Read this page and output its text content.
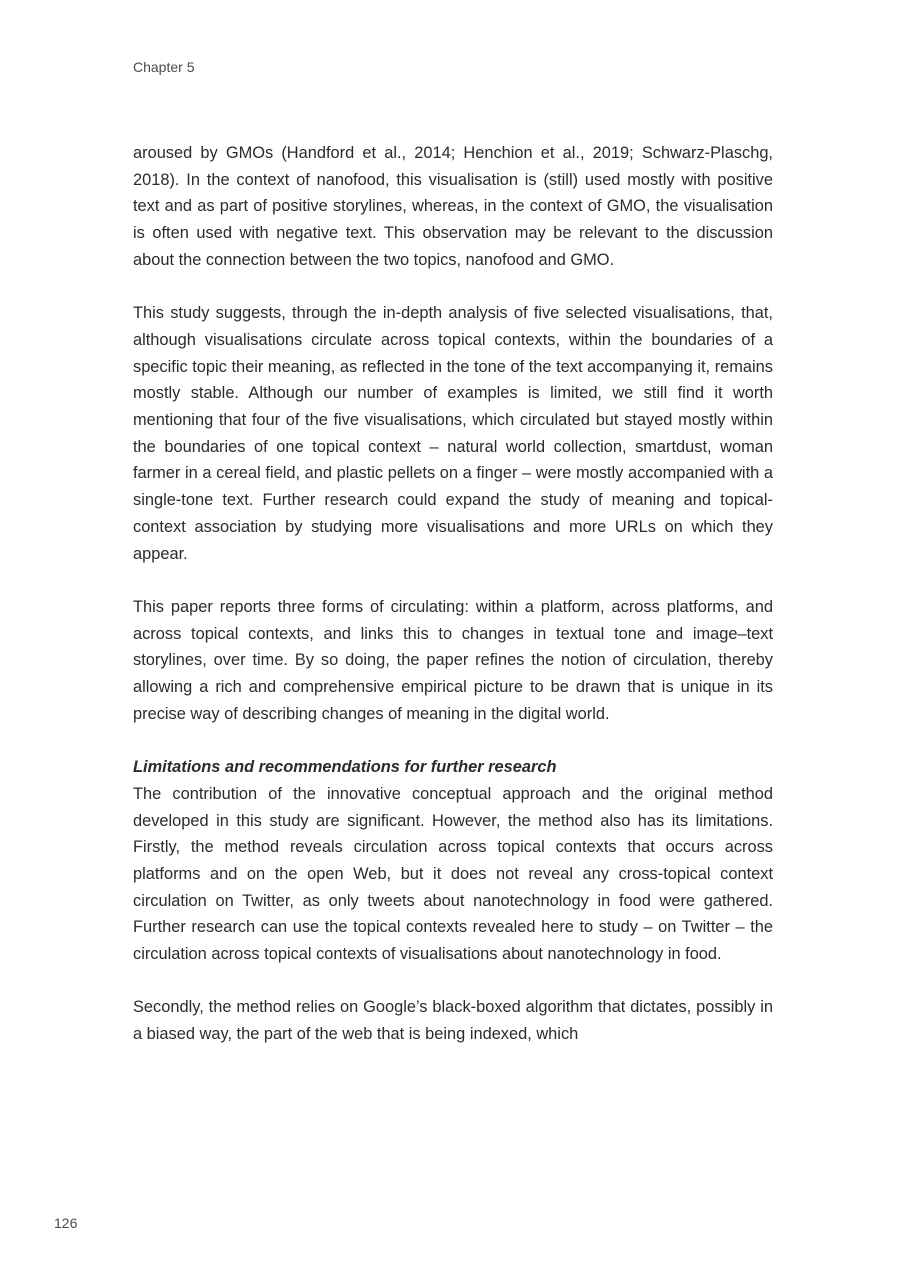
Chapter 5

aroused by GMOs (Handford et al., 2014; Henchion et al., 2019; Schwarz-Plaschg, 2018). In the context of nanofood, this visualisation is (still) used mostly with positive text and as part of positive storylines, whereas, in the context of GMO, the visualisation is often used with negative text. This observation may be relevant to the discussion about the connection between the two topics, nanofood and GMO.

This study suggests, through the in-depth analysis of five selected visualisations, that, although visualisations circulate across topical contexts, within the boundaries of a specific topic their meaning, as reflected in the tone of the text accompanying it, remains mostly stable. Although our number of examples is limited, we still find it worth mentioning that four of the five visualisations, which circulated but stayed mostly within the boundaries of one topical context – natural world collection, smartdust, woman farmer in a cereal field, and plastic pellets on a finger – were mostly accompanied with a single-tone text. Further research could expand the study of meaning and topical-context association by studying more visualisations and more URLs on which they appear.

This paper reports three forms of circulating: within a platform, across platforms, and across topical contexts, and links this to changes in textual tone and image–text storylines, over time. By so doing, the paper refines the notion of circulation, thereby allowing a rich and comprehensive empirical picture to be drawn that is unique in its precise way of describing changes of meaning in the digital world.

Limitations and recommendations for further research

The contribution of the innovative conceptual approach and the original method developed in this study are significant. However, the method also has its limitations. Firstly, the method reveals circulation across topical contexts that occurs across platforms and on the open Web, but it does not reveal any cross-topical context circulation on Twitter, as only tweets about nanotechnology in food were gathered. Further research can use the topical contexts revealed here to study – on Twitter – the circulation across topical contexts of visualisations about nanotechnology in food.

Secondly, the method relies on Google’s black-boxed algorithm that dictates, possibly in a biased way, the part of the web that is being indexed, which

126
